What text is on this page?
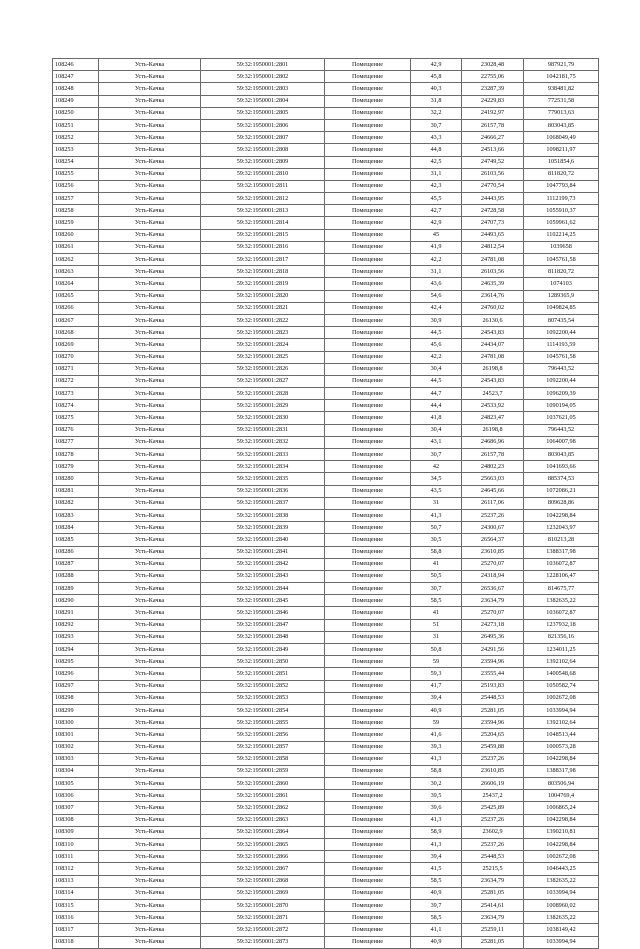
108246	Усть-Качка	59:32:1950001:2801	Помещение	42,9	23028,48	987921,79
108247	Усть-Качка	59:32:1950001:2802	Помещение	45,8	22755,06	1042181,75
108248	Усть-Качка	59:32:1950001:2803	Помещение	40,3	23287,39	938481,82
108249	Усть-Качка	59:32:1950001:2804	Помещение	31,8	24229,83	772531,58
108250	Усть-Качка	59:32:1950001:2805	Помещение	32,2	24192,97	779013,63
108251	Усть-Качка	59:32:1950001:2806	Помещение	30,7	26157,78	803043,85
108252	Усть-Качка	59:32:1950001:2807	Помещение	43,3	24666,27	1068049,49
108253	Усть-Качка	59:32:1950001:2808	Помещение	44,8	24513,66	1098211,97
108254	Усть-Качка	59:32:1950001:2809	Помещение	42,5	24749,52	1051854,6
108255	Усть-Качка	59:32:1950001:2810	Помещение	31,1	26103,56	811820,72
108256	Усть-Качка	59:32:1950001:2811	Помещение	42,3	24770,54	1047793,84
108257	Усть-Качка	59:32:1950001:2812	Помещение	45,5	24443,95	1112199,73
108258	Усть-Качка	59:32:1950001:2813	Помещение	42,7	24728,58	1055910,37
108259	Усть-Качка	59:32:1950001:2814	Помещение	42,9	24707,73	1059961,62
108260	Усть-Качка	59:32:1950001:2815	Помещение	45	24493,65	1102214,25
108261	Усть-Качка	59:32:1950001:2816	Помещение	41,9	24812,54	1039658
108262	Усть-Качка	59:32:1950001:2817	Помещение	42,2	24781,08	1045761,58
108263	Усть-Качка	59:32:1950001:2818	Помещение	31,1	26103,56	811820,72
108264	Усть-Качка	59:32:1950001:2819	Помещение	43,6	24635,39	1074103
108265	Усть-Качка	59:32:1950001:2820	Помещение	54,6	23614,76	1289365,9
108266	Усть-Качка	59:32:1950001:2821	Помещение	42,4	24760,02	1049824,85
108267	Усть-Качка	59:32:1950001:2822	Помещение	30,9	26130,6	807435,54
108268	Усть-Качка	59:32:1950001:2823	Помещение	44,5	24543,83	1092200,44
108269	Усть-Качка	59:32:1950001:2824	Помещение	45,6	24434,07	1114193,59
108270	Усть-Качка	59:32:1950001:2825	Помещение	42,2	24781,08	1045761,58
108271	Усть-Качка	59:32:1950001:2826	Помещение	30,4	26198,8	796443,52
108272	Усть-Качка	59:32:1950001:2827	Помещение	44,5	24543,83	1092200,44
108273	Усть-Качка	59:32:1950001:2828	Помещение	44,7	24523,7	1096209,39
108274	Усть-Качка	59:32:1950001:2829	Помещение	44,4	24533,92	1090194,05
108275	Усть-Качка	59:32:1950001:2830	Помещение	41,8	24823,47	1037621,05
108276	Усть-Качка	59:32:1950001:2831	Помещение	30,4	26198,8	796443,52
108277	Усть-Качка	59:32:1950001:2832	Помещение	43,1	24686,96	1064007,98
108278	Усть-Качка	59:32:1950001:2833	Помещение	30,7	26157,78	803043,85
108279	Усть-Качка	59:32:1950001:2834	Помещение	42	24802,23	1041693,66
108280	Усть-Качка	59:32:1950001:2835	Помещение	34,5	25663,03	885374,53
108281	Усть-Качка	59:32:1950001:2836	Помещение	43,5	24645,66	1072086,21
108282	Усть-Качка	59:32:1950001:2837	Помещение	31	26117,06	809628,86
108283	Усть-Качка	59:32:1950001:2838	Помещение	41,3	25237,26	1042298,84
108284	Усть-Качка	59:32:1950001:2839	Помещение	50,7	24300,67	1232043,97
108285	Усть-Качка	59:32:1950001:2840	Помещение	30,5	26564,37	810213,28
108286	Усть-Качка	59:32:1950001:2841	Помещение	58,8	23610,85	1388317,98
108287	Усть-Качка	59:32:1950001:2842	Помещение	41	25270,07	1036072,87
108288	Усть-Качка	59:32:1950001:2843	Помещение	50,5	24318,94	1228106,47
108289	Усть-Качка	59:32:1950001:2844	Помещение	30,7	26536,67	814675,77
108290	Усть-Качка	59:32:1950001:2845	Помещение	58,5	23634,79	1382635,22
108291	Усть-Качка	59:32:1950001:2846	Помещение	41	25270,07	1036072,87
108292	Усть-Качка	59:32:1950001:2847	Помещение	51	24273,18	1237932,18
108293	Усть-Качка	59:32:1950001:2848	Помещение	31	26495,36	821356,16
108294	Усть-Качка	59:32:1950001:2849	Помещение	50,8	24291,56	1234011,25
108295	Усть-Качка	59:32:1950001:2850	Помещение	59	23594,96	1392102,64
108296	Усть-Качка	59:32:1950001:2851	Помещение	59,3	23555,44	1400548,68
108297	Усть-Качка	59:32:1950001:2852	Помещение	41,7	25193,83	1050582,74
108298	Усть-Качка	59:32:1950001:2853	Помещение	39,4	25448,53	1002672,08
108299	Усть-Качка	59:32:1950001:2854	Помещение	40,9	25281,05	1033994,94
108300	Усть-Качка	59:32:1950001:2855	Помещение	59	23594,96	1392102,64
108301	Усть-Качка	59:32:1950001:2856	Помещение	41,6	25204,65	1048513,44
108302	Усть-Качка	59:32:1950001:2857	Помещение	39,3	25459,88	1000573,28
108303	Усть-Качка	59:32:1950001:2858	Помещение	41,3	25237,26	1042298,84
108304	Усть-Качка	59:32:1950001:2859	Помещение	58,8	23610,85	1388317,98
108305	Усть-Качка	59:32:1950001:2860	Помещение	30,2	26606,19	803506,94
108306	Усть-Качка	59:32:1950001:2861	Помещение	39,5	25437,2	1004769,4
108307	Усть-Качка	59:32:1950001:2862	Помещение	39,6	25425,89	1006865,24
108308	Усть-Качка	59:32:1950001:2863	Помещение	41,3	25237,26	1042298,84
108309	Усть-Качка	59:32:1950001:2864	Помещение	58,9	23602,9	1390210,81
108310	Усть-Качка	59:32:1950001:2865	Помещение	41,3	25237,26	1042298,84
108311	Усть-Качка	59:32:1950001:2866	Помещение	39,4	25448,53	1002672,08
108312	Усть-Качка	59:32:1950001:2867	Помещение	41,5	25215,5	1046443,25
108313	Усть-Качка	59:32:1950001:2868	Помещение	58,5	23634,79	1382635,22
108314	Усть-Качка	59:32:1950001:2869	Помещение	40,9	25281,05	1033994,94
108315	Усть-Качка	59:32:1950001:2870	Помещение	39,7	25414,61	1008960,02
108316	Усть-Качка	59:32:1950001:2871	Помещение	58,5	23634,79	1382635,22
108317	Усть-Качка	59:32:1950001:2872	Помещение	41,1	25259,11	1038149,42
108318	Усть-Качка	59:32:1950001:2873	Помещение	40,9	25281,05	1033994,94
